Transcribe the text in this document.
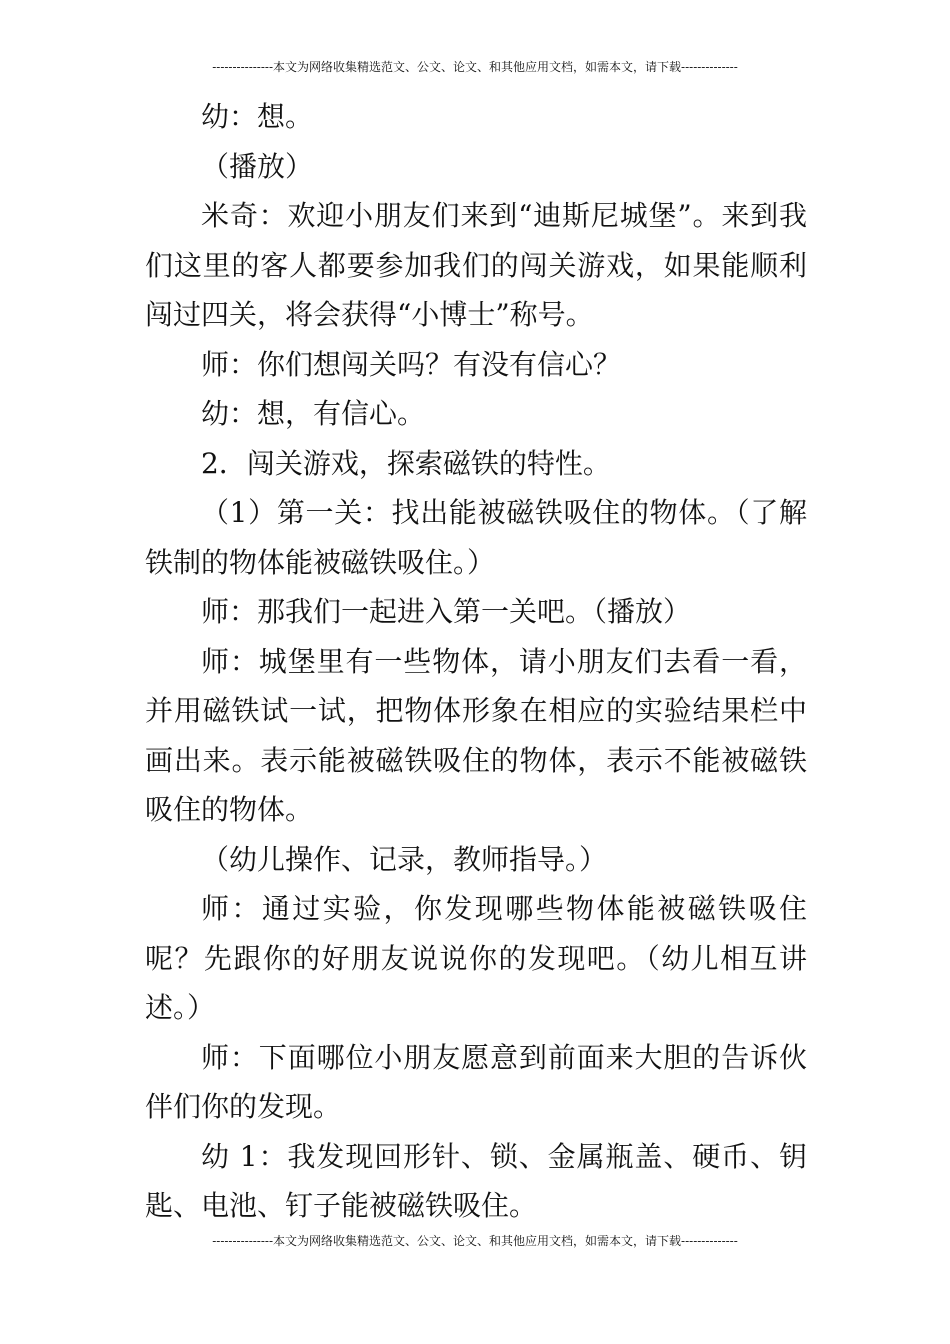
---------------本文为网络收集精选范文、公文、论文、和其他应用文档，如需本文，请下载--------------

幼：想。

（播放）

米奇：欢迎小朋友们来到“迪斯尼城堡”。来到我们这里的客人都要参加我们的闯关游戏，如果能顺利闯过四关，将会获得“小博士”称号。

师：你们想闯关吗？有没有信心？

幼：想，有信心。

2．闯关游戏，探索磁铁的特性。

（1）第一关：找出能被磁铁吸住的物体。（了解铁制的物体能被磁铁吸住。）

师：那我们一起进入第一关吧。（播放）

师：城堡里有一些物体，请小朋友们去看一看，并用磁铁试一试，把物体形象在相应的实验结果栏中画出来。表示能被磁铁吸住的物体，表示不能被磁铁吸住的物体。

（幼儿操作、记录，教师指导。）

师：通过实验，你发现哪些物体能被磁铁吸住呢？先跟你的好朋友说说你的发现吧。（幼儿相互讲述。）

师：下面哪位小朋友愿意到前面来大胆的告诉伙伴们你的发现。

幼 1：我发现回形针、锁、金属瓶盖、硬币、钥匙、电池、钉子能被磁铁吸住。

---------------本文为网络收集精选范文、公文、论文、和其他应用文档，如需本文，请下载--------------
